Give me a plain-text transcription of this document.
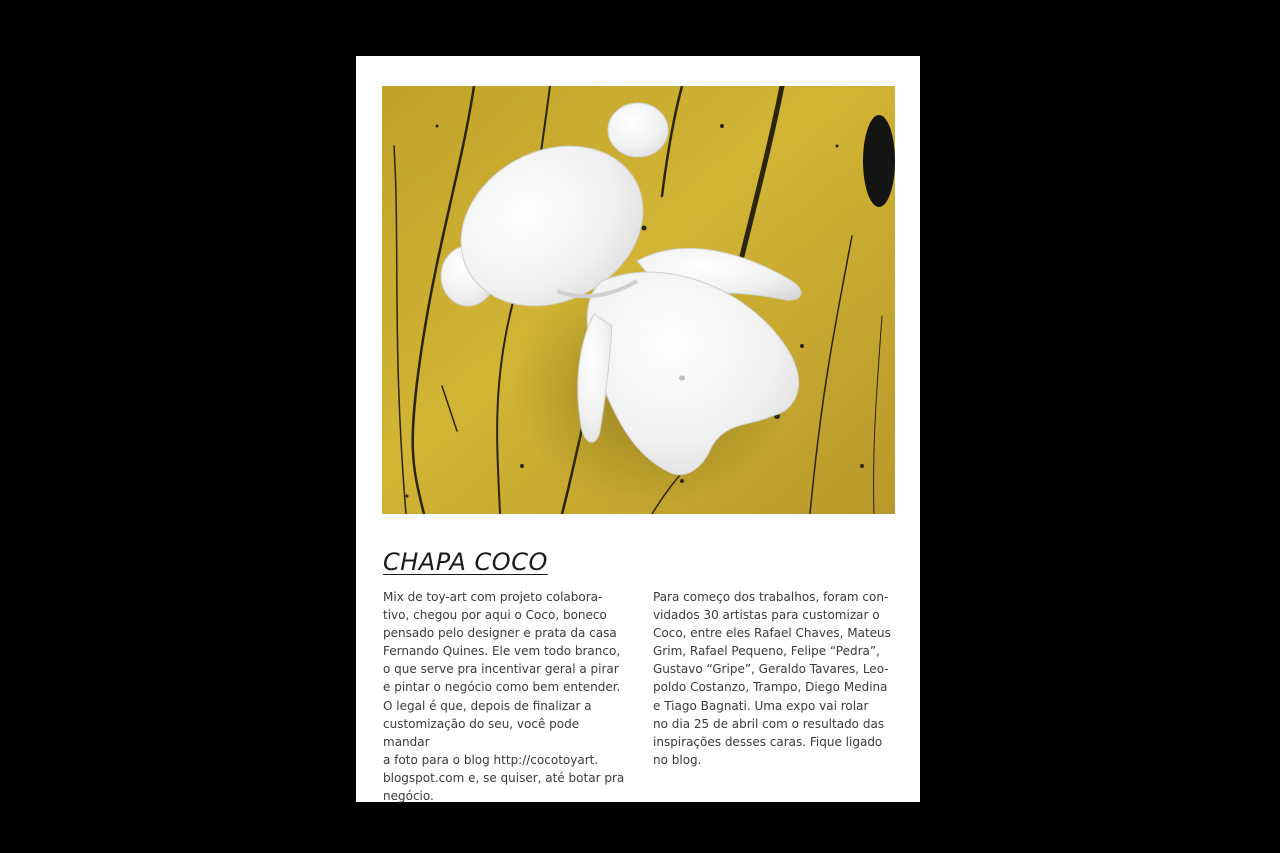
CHAPA COCO

Mix de toy-art com projeto colabora-
tivo, chegou por aqui o Coco, boneco
pensado pelo designer e prata da casa
Fernando Quines. Ele vem todo branco,
o que serve pra incentivar geral a pirar
e pintar o negócio como bem entender.
O legal é que, depois de finalizar a
customização do seu, você pode mandar
a foto para o blog http://cocotoyart.
blogspot.com e, se quiser, até botar pra
negócio.

Para começo dos trabalhos, foram con-
vidados 30 artistas para customizar o
Coco, entre eles Rafael Chaves, Mateus
Grim, Rafael Pequeno, Felipe “Pedra”,
Gustavo “Gripe”, Geraldo Tavares, Leo-
poldo Costanzo, Trampo, Diego Medina
e Tiago Bagnati. Uma expo vai rolar
no dia 25 de abril com o resultado das
inspirações desses caras. Fique ligado
no blog.
